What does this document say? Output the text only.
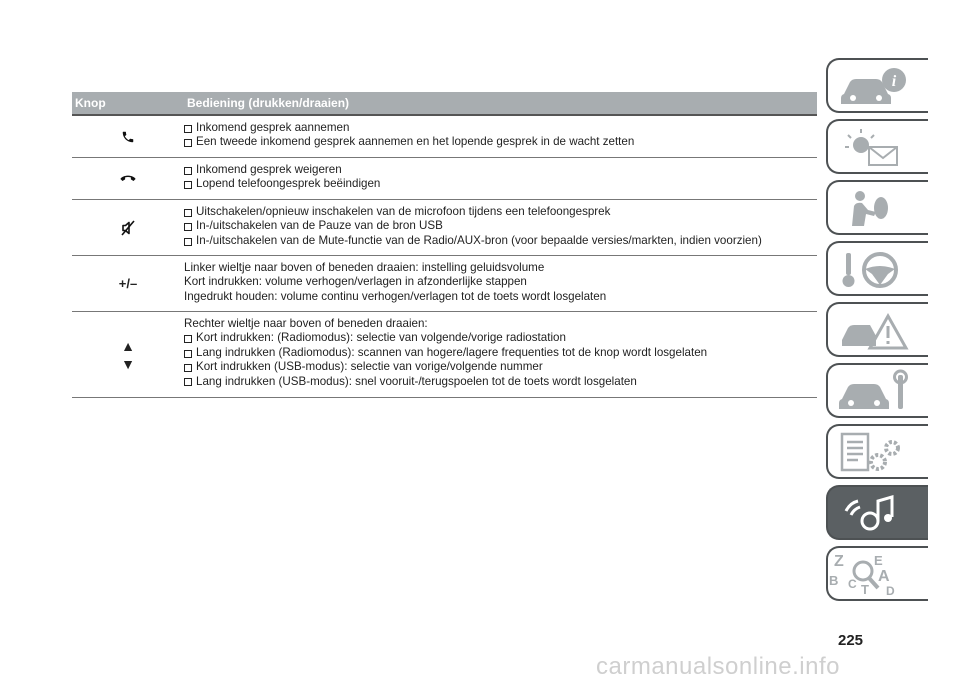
Knop	Bediening (drukken/draaien)
Inkomend gesprek aannemen
Een tweede inkomend gesprek aannemen en het lopende gesprek in de wacht zetten
Inkomend gesprek weigeren
Lopend telefoongesprek beëindigen
Uitschakelen/opnieuw inschakelen van de microfoon tijdens een telefoongesprek
In-/uitschakelen van de Pauze van de bron USB
In-/uitschakelen van de Mute-functie van de Radio/AUX-bron (voor bepaalde versies/markten, indien voorzien)
+/–
Linker wieltje naar boven of beneden draaien: instelling geluidsvolume
Kort indrukken: volume verhogen/verlagen in afzonderlijke stappen
Ingedrukt houden: volume continu verhogen/verlagen tot de toets wordt losgelaten
▲
▼
Rechter wieltje naar boven of beneden draaien:
Kort indrukken: (Radiomodus): selectie van volgende/vorige radiostation
Lang indrukken (Radiomodus): scannen van hogere/lagere frequenties tot de knop wordt losgelaten
Kort indrukken (USB-modus): selectie van vorige/volgende nummer
Lang indrukken (USB-modus): snel vooruit-/terugspoelen tot de toets wordt losgelaten
i
Z E
B A
C T D
225
carmanualsonline.info
